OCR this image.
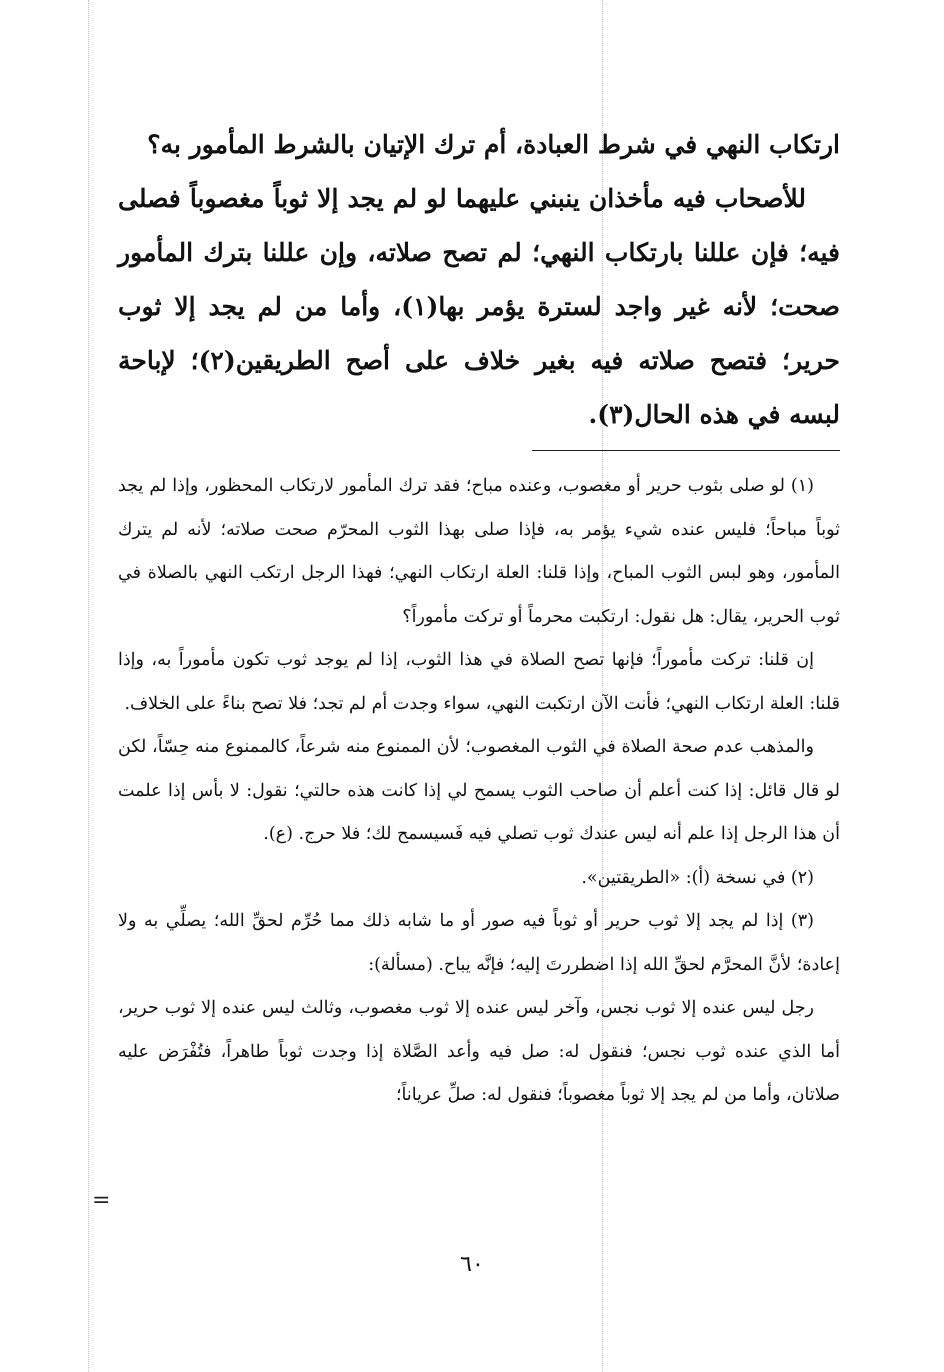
ارتكاب النهي في شرط العبادة، أم ترك الإتيان بالشرط المأمور به؟

للأصحاب فيه مأخذان ينبني عليهما لو لم يجد إلا ثوباً مغصوباً فصلى فيه؛ فإن عللنا بارتكاب النهي؛ لم تصح صلاته، وإن عللنا بترك المأمور صحت؛ لأنه غير واجد لسترة يؤمر بها(١)، وأما من لم يجد إلا ثوب حرير؛ فتصح صلاته فيه بغير خلاف على أصح الطريقين(٢)؛ لإباحة لبسه في هذه الحال(٣).

(١) لو صلى بثوب حرير أو مغصوب، وعنده مباح؛ فقد ترك المأمور لارتكاب المحظور، وإذا لم يجد ثوباً مباحاً؛ فليس عنده شيء يؤمر به، فإذا صلى بهذا الثوب المحرّم صحت صلاته؛ لأنه لم يترك المأمور، وهو لبس الثوب المباح، وإذا قلنا: العلة ارتكاب النهي؛ فهذا الرجل ارتكب النهي بالصلاة في ثوب الحرير، يقال: هل نقول: ارتكبت محرماً أو تركت مأموراً؟

إن قلنا: تركت مأموراً؛ فإنها تصح الصلاة في هذا الثوب، إذا لم يوجد ثوب تكون مأموراً به، وإذا قلنا: العلة ارتكاب النهي؛ فأنت الآن ارتكبت النهي، سواء وجدت أم لم تجد؛ فلا تصح بناءً على الخلاف.

والمذهب عدم صحة الصلاة في الثوب المغصوب؛ لأن الممنوع منه شرعاً، كالممنوع منه حِسّاً، لكن لو قال قائل: إذا كنت أعلم أن صاحب الثوب يسمح لي إذا كانت هذه حالتي؛ نقول: لا بأس إذا علمت أن هذا الرجل إذا علم أنه ليس عندك ثوب تصلي فيه فَسيسمح لك؛ فلا حرج. (ع).

(٢) في نسخة (أ): «الطريقتين».

(٣) إذا لم يجد إلا ثوب حرير أو ثوباً فيه صور أو ما شابه ذلك مما حُرِّم لحقِّ الله؛ يصلِّي به ولا إعادة؛ لأنَّ المحرَّم لحقِّ الله إذا اضطررتَ إليه؛ فإنَّه يباح. (مسألة):

رجل ليس عنده إلا ثوب نجس، وآخر ليس عنده إلا ثوب مغصوب، وثالث ليس عنده إلا ثوب حرير، أما الذي عنده ثوب نجس؛ فنقول له: صل فيه وأعد الصَّلاة إذا وجدت ثوباً طاهراً، فتُفْرَض عليه صلاتان، وأما من لم يجد إلا ثوباً مغصوباً؛ فنقول له: صلِّ عرياناً؛

=
٦٠
